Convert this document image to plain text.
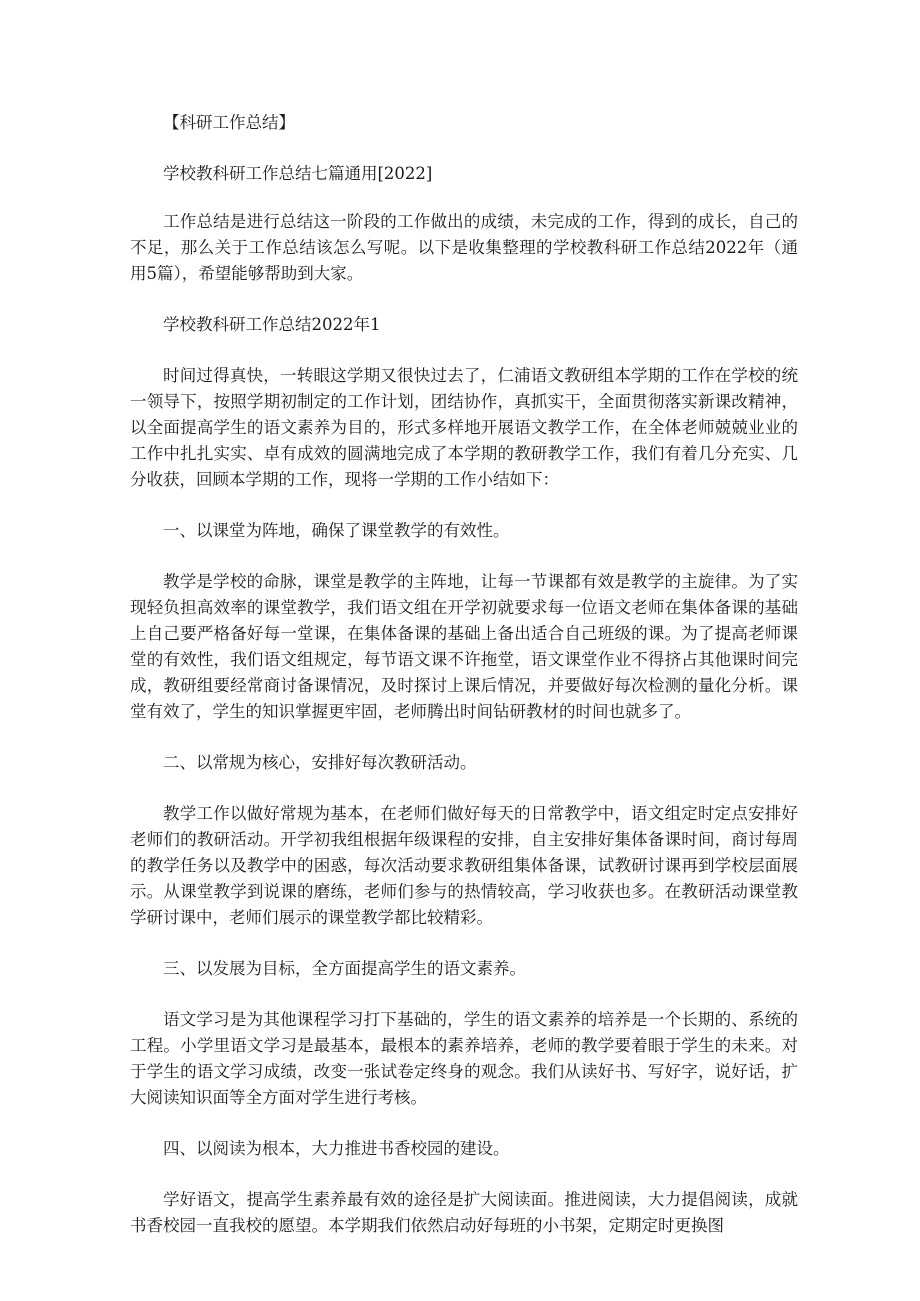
【科研工作总结】

学校教科研工作总结七篇通用[2022]

工作总结是进行总结这一阶段的工作做出的成绩，未完成的工作，得到的成长，自己的不足，那么关于工作总结该怎么写呢。以下是收集整理的学校教科研工作总结2022年（通用5篇），希望能够帮助到大家。

学校教科研工作总结2022年1

时间过得真快，一转眼这学期又很快过去了，仁浦语文教研组本学期的工作在学校的统一领导下，按照学期初制定的工作计划，团结协作，真抓实干，全面贯彻落实新课改精神，以全面提高学生的语文素养为目的，形式多样地开展语文教学工作，在全体老师兢兢业业的工作中扎扎实实、卓有成效的圆满地完成了本学期的教研教学工作，我们有着几分充实、几分收获，回顾本学期的工作，现将一学期的工作小结如下：

一、以课堂为阵地，确保了课堂教学的有效性。

教学是学校的命脉，课堂是教学的主阵地，让每一节课都有效是教学的主旋律。为了实现轻负担高效率的课堂教学，我们语文组在开学初就要求每一位语文老师在集体备课的基础上自己要严格备好每一堂课，在集体备课的基础上备出适合自己班级的课。为了提高老师课堂的有效性，我们语文组规定，每节语文课不许拖堂，语文课堂作业不得挤占其他课时间完成，教研组要经常商讨备课情况，及时探讨上课后情况，并要做好每次检测的量化分析。课堂有效了，学生的知识掌握更牢固，老师腾出时间钻研教材的时间也就多了。

二、以常规为核心，安排好每次教研活动。

教学工作以做好常规为基本，在老师们做好每天的日常教学中，语文组定时定点安排好老师们的教研活动。开学初我组根据年级课程的安排，自主安排好集体备课时间，商讨每周的教学任务以及教学中的困惑，每次活动要求教研组集体备课，试教研讨课再到学校层面展示。从课堂教学到说课的磨练，老师们参与的热情较高，学习收获也多。在教研活动课堂教学研讨课中，老师们展示的课堂教学都比较精彩。

三、以发展为目标，全方面提高学生的语文素养。

语文学习是为其他课程学习打下基础的，学生的语文素养的培养是一个长期的、系统的工程。小学里语文学习是最基本，最根本的素养培养，老师的教学要着眼于学生的未来。对于学生的语文学习成绩，改变一张试卷定终身的观念。我们从读好书、写好字，说好话，扩大阅读知识面等全方面对学生进行考核。

四、以阅读为根本，大力推进书香校园的建设。

学好语文，提高学生素养最有效的途径是扩大阅读面。推进阅读，大力提倡阅读，成就书香校园一直我校的愿望。本学期我们依然启动好每班的小书架，定期定时更换图
